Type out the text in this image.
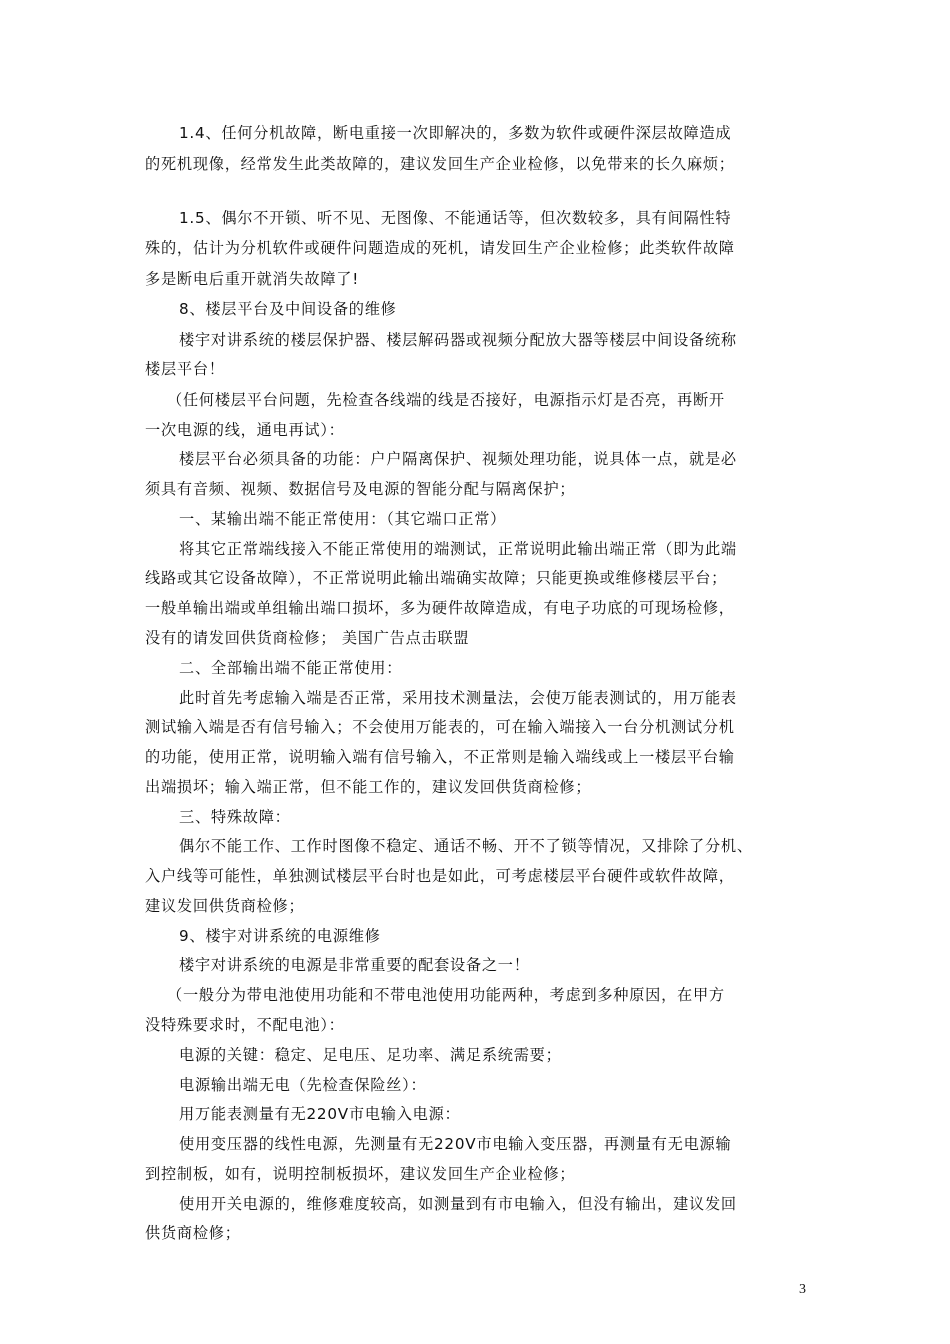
1.4、任何分机故障，断电重接一次即解决的，多数为软件或硬件深层故障造成
的死机现像，经常发生此类故障的，建议发回生产企业检修，以免带来的长久麻烦；
1.5、偶尔不开锁、听不见、无图像、不能通话等，但次数较多，具有间隔性特
殊的，估计为分机软件或硬件问题造成的死机，请发回生产企业检修；此类软件故障
多是断电后重开就消失故障了!
8、楼层平台及中间设备的维修
楼宇对讲系统的楼层保护器、楼层解码器或视频分配放大器等楼层中间设备统称
楼层平台！
（任何楼层平台问题，先检查各线端的线是否接好，电源指示灯是否亮，再断开
一次电源的线，通电再试）：
楼层平台必须具备的功能：户户隔离保护、视频处理功能，说具体一点，就是必
须具有音频、视频、数据信号及电源的智能分配与隔离保护；
一、某输出端不能正常使用：（其它端口正常）
将其它正常端线接入不能正常使用的端测试，正常说明此输出端正常（即为此端
线路或其它设备故障），不正常说明此输出端确实故障；只能更换或维修楼层平台；
一般单输出端或单组输出端口损坏，多为硬件故障造成，有电子功底的可现场检修，
没有的请发回供货商检修； 美国广告点击联盟
二、全部输出端不能正常使用：
此时首先考虑输入端是否正常，采用技术测量法，会使万能表测试的，用万能表
测试输入端是否有信号输入；不会使用万能表的，可在输入端接入一台分机测试分机
的功能，使用正常，说明输入端有信号输入，不正常则是输入端线或上一楼层平台输
出端损坏；输入端正常，但不能工作的，建议发回供货商检修；
三、特殊故障：
偶尔不能工作、工作时图像不稳定、通话不畅、开不了锁等情况，又排除了分机、
入户线等可能性，单独测试楼层平台时也是如此，可考虑楼层平台硬件或软件故障，
建议发回供货商检修；
9、楼宇对讲系统的电源维修
楼宇对讲系统的电源是非常重要的配套设备之一！
（一般分为带电池使用功能和不带电池使用功能两种，考虑到多种原因，在甲方
没特殊要求时，不配电池）：
电源的关键：稳定、足电压、足功率、满足系统需要；
电源输出端无电（先检查保险丝）：
用万能表测量有无220V市电输入电源：
使用变压器的线性电源，先测量有无220V市电输入变压器，再测量有无电源输
到控制板，如有，说明控制板损坏，建议发回生产企业检修；
使用开关电源的，维修难度较高，如测量到有市电输入，但没有输出，建议发回
供货商检修；
3
